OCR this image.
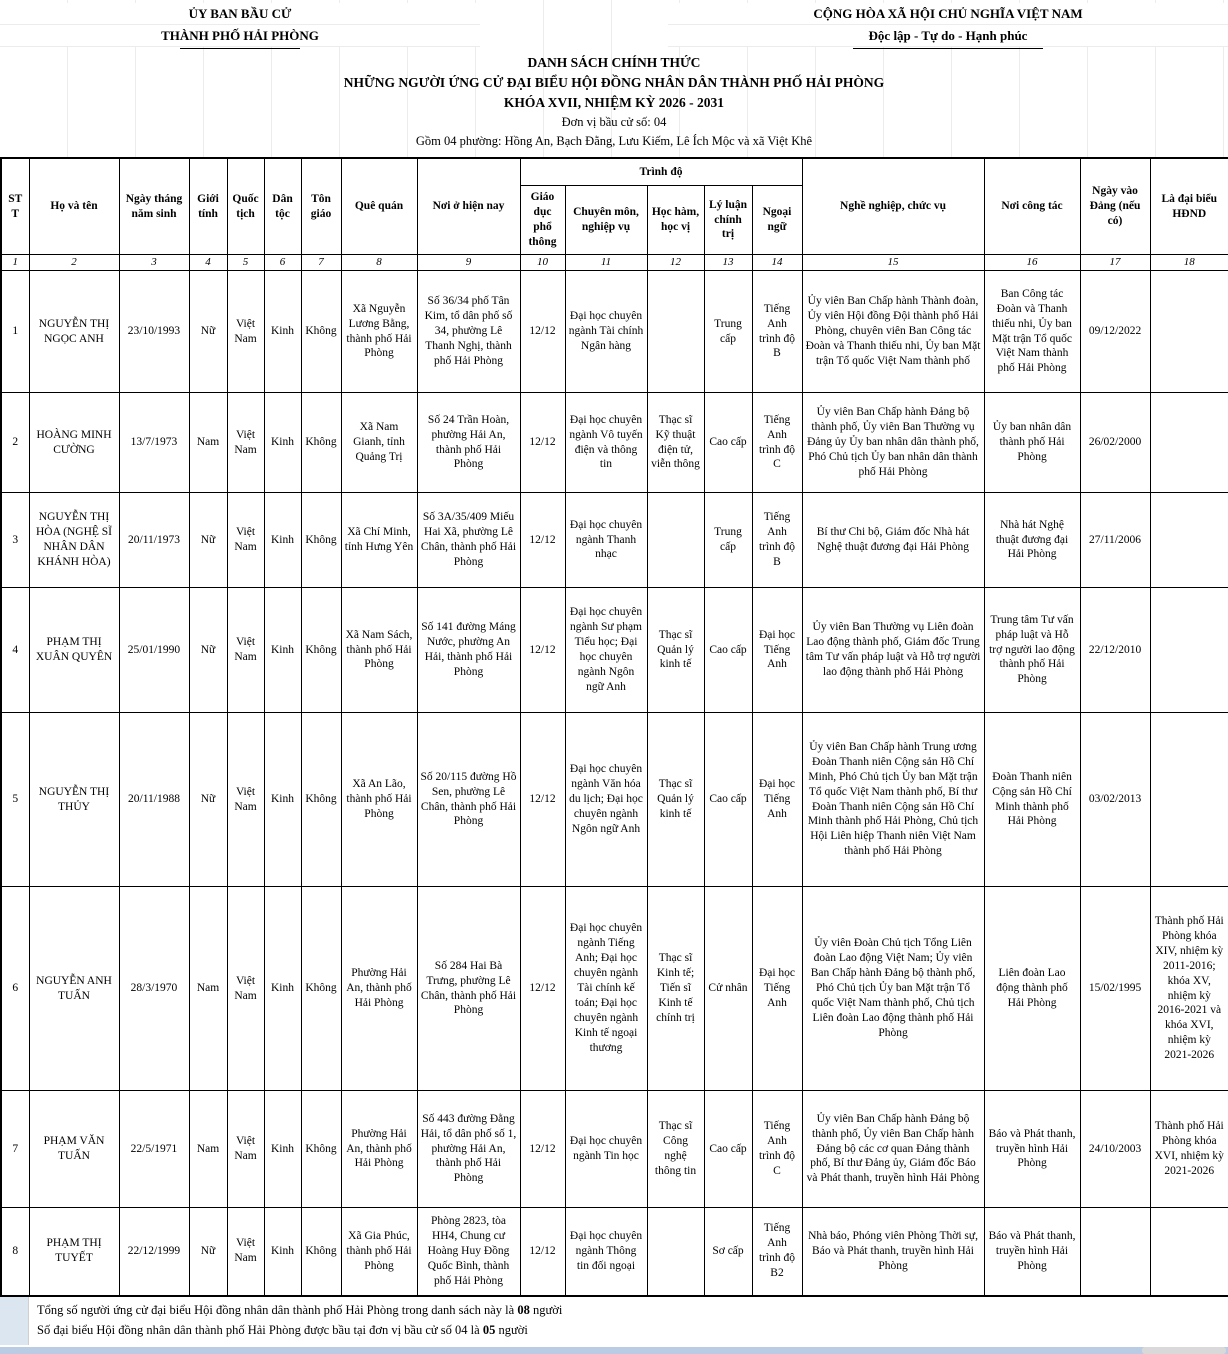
ỦY BAN BẦU CỬ
THÀNH PHỐ HẢI PHÒNG
CỘNG HÒA XÃ HỘI CHỦ NGHĨA VIỆT NAM
Độc lập - Tự do - Hạnh phúc
DANH SÁCH CHÍNH THỨC
NHỮNG NGƯỜI ỨNG CỬ ĐẠI BIỂU HỘI ĐỒNG NHÂN DÂN THÀNH PHỐ HẢI PHÒNG
KHÓA XVII, NHIỆM KỲ 2026 - 2031
Đơn vị bầu cử số: 04
Gồm 04 phường: Hồng An, Bạch Đằng, Lưu Kiếm, Lê Ích Mộc và xã Việt Khê
STT	Họ và tên	Ngày tháng năm sinh	Giới tính	Quốc tịch	Dân tộc	Tôn giáo	Quê quán	Nơi ở hiện nay	Trình độ					Nghề nghiệp, chức vụ	Nơi công tác	Ngày vào Đảng (nếu có)	Là đại biểu HĐND
									Giáo dục phổ thông	Chuyên môn, nghiệp vụ	Học hàm, học vị	Lý luận chính trị	Ngoại ngữ				
1	2	3	4	5	6	7	8	9	10	11	12	13	14	15	16	17	18
1	NGUYỄN THỊ NGỌC ANH	23/10/1993	Nữ	Việt Nam	Kinh	Không	Xã Nguyễn Lương Bằng, thành phố Hải Phòng	Số 36/34 phố Tân Kim, tổ dân phố số 34, phường Lê Thanh Nghị, thành phố Hải Phòng	12/12	Đại học chuyên ngành Tài chính Ngân hàng		Trung cấp	Tiếng Anh trình độ B	Ủy viên Ban Chấp hành Thành đoàn, Ủy viên Hội đồng Đội thành phố Hải Phòng, chuyên viên Ban Công tác Đoàn và Thanh thiếu nhi, Ủy ban Mặt trận Tổ quốc Việt Nam thành phố	Ban Công tác Đoàn và Thanh thiếu nhi, Ủy ban Mặt trận Tổ quốc Việt Nam thành phố Hải Phòng	09/12/2022	
2	HOÀNG MINH CƯỜNG	13/7/1973	Nam	Việt Nam	Kinh	Không	Xã Nam Gianh, tỉnh Quảng Trị	Số 24 Trần Hoàn, phường Hải An, thành phố Hải Phòng	12/12	Đại học chuyên ngành Vô tuyến điện và thông tin	Thạc sĩ Kỹ thuật điện tử, viễn thông	Cao cấp	Tiếng Anh trình độ C	Ủy viên Ban Chấp hành Đảng bộ thành phố, Ủy viên Ban Thường vụ Đảng ủy Ủy ban nhân dân thành phố, Phó Chủ tịch Ủy ban nhân dân thành phố Hải Phòng	Ủy ban nhân dân thành phố Hải Phòng	26/02/2000	
3	NGUYỄN THỊ HÒA (NGHỆ SĨ NHÂN DÂN KHÁNH HÒA)	20/11/1973	Nữ	Việt Nam	Kinh	Không	Xã Chí Minh, tỉnh Hưng Yên	Số 3A/35/409 Miếu Hai Xã, phường Lê Chân, thành phố Hải Phòng	12/12	Đại học chuyên ngành Thanh nhạc		Trung cấp	Tiếng Anh trình độ B	Bí thư Chi bộ, Giám đốc Nhà hát Nghệ thuật đương đại Hải Phòng	Nhà hát Nghệ thuật đương đại Hải Phòng	27/11/2006	
4	PHẠM THỊ XUÂN QUYÊN	25/01/1990	Nữ	Việt Nam	Kinh	Không	Xã Nam Sách, thành phố Hải Phòng	Số 141 đường Máng Nước, phường An Hải, thành phố Hải Phòng	12/12	Đại học chuyên ngành Sư phạm Tiểu học; Đại học chuyên ngành Ngôn ngữ Anh	Thạc sĩ Quản lý kinh tế	Cao cấp	Đại học Tiếng Anh	Ủy viên Ban Thường vụ Liên đoàn Lao động thành phố, Giám đốc Trung tâm Tư vấn pháp luật và Hỗ trợ người lao động thành phố Hải Phòng	Trung tâm Tư vấn pháp luật và Hỗ trợ người lao động thành phố Hải Phòng	22/12/2010	
5	NGUYỄN THỊ THỦY	20/11/1988	Nữ	Việt Nam	Kinh	Không	Xã An Lão, thành phố Hải Phòng	Số 20/115 đường Hồ Sen, phường Lê Chân, thành phố Hải Phòng	12/12	Đại học chuyên ngành Văn hóa du lịch; Đại học chuyên ngành Ngôn ngữ Anh	Thạc sĩ Quản lý kinh tế	Cao cấp	Đại học Tiếng Anh	Ủy viên Ban Chấp hành Trung ương Đoàn Thanh niên Cộng sản Hồ Chí Minh, Phó Chủ tịch Ủy ban Mặt trận Tổ quốc Việt Nam thành phố, Bí thư Đoàn Thanh niên Cộng sản Hồ Chí Minh thành phố Hải Phòng, Chủ tịch Hội Liên hiệp Thanh niên Việt Nam thành phố Hải Phòng	Đoàn Thanh niên Cộng sản Hồ Chí Minh thành phố Hải Phòng	03/02/2013	
6	NGUYỄN ANH TUẤN	28/3/1970	Nam	Việt Nam	Kinh	Không	Phường Hải An, thành phố Hải Phòng	Số 284 Hai Bà Trưng, phường Lê Chân, thành phố Hải Phòng	12/12	Đại học chuyên ngành Tiếng Anh; Đại học chuyên ngành Tài chính kế toán; Đại học chuyên ngành Kinh tế ngoại thương	Thạc sĩ Kinh tế; Tiến sĩ Kinh tế chính trị	Cử nhân	Đại học Tiếng Anh	Ủy viên Đoàn Chủ tịch Tổng Liên đoàn Lao động Việt Nam; Ủy viên Ban Chấp hành Đảng bộ thành phố, Phó Chủ tịch Ủy ban Mặt trận Tổ quốc Việt Nam thành phố, Chủ tịch Liên đoàn Lao động thành phố Hải Phòng	Liên đoàn Lao động thành phố Hải Phòng	15/02/1995	Thành phố Hải Phòng khóa XIV, nhiệm kỳ 2011-2016; khóa XV, nhiệm kỳ 2016-2021 và khóa XVI, nhiệm kỳ 2021-2026
7	PHẠM VĂN TUẤN	22/5/1971	Nam	Việt Nam	Kinh	Không	Phường Hải An, thành phố Hải Phòng	Số 443 đường Đằng Hải, tổ dân phố số 1, phường Hải An, thành phố Hải Phòng	12/12	Đại học chuyên ngành Tin học	Thạc sĩ Công nghệ thông tin	Cao cấp	Tiếng Anh trình độ C	Ủy viên Ban Chấp hành Đảng bộ thành phố, Ủy viên Ban Chấp hành Đảng bộ các cơ quan Đảng thành phố, Bí thư Đảng ủy, Giám đốc Báo và Phát thanh, truyền hình Hải Phòng	Báo và Phát thanh, truyền hình Hải Phòng	24/10/2003	Thành phố Hải Phòng khóa XVI, nhiệm kỳ 2021-2026
8	PHẠM THỊ TUYẾT	22/12/1999	Nữ	Việt Nam	Kinh	Không	Xã Gia Phúc, thành phố Hải Phòng	Phòng 2823, tòa HH4, Chung cư Hoàng Huy Đồng Quốc Bình, thành phố Hải Phòng	12/12	Đại học chuyên ngành Thông tin đối ngoại		Sơ cấp	Tiếng Anh trình độ B2	Nhà báo, Phóng viên Phòng Thời sự, Báo và Phát thanh, truyền hình Hải Phòng	Báo và Phát thanh, truyền hình Hải Phòng		
Tổng số người ứng cử đại biểu Hội đồng nhân dân thành phố Hải Phòng trong danh sách này là 08 người
Số đại biểu Hội đồng nhân dân thành phố Hải Phòng được bầu tại đơn vị bầu cử số 04 là 05 người
